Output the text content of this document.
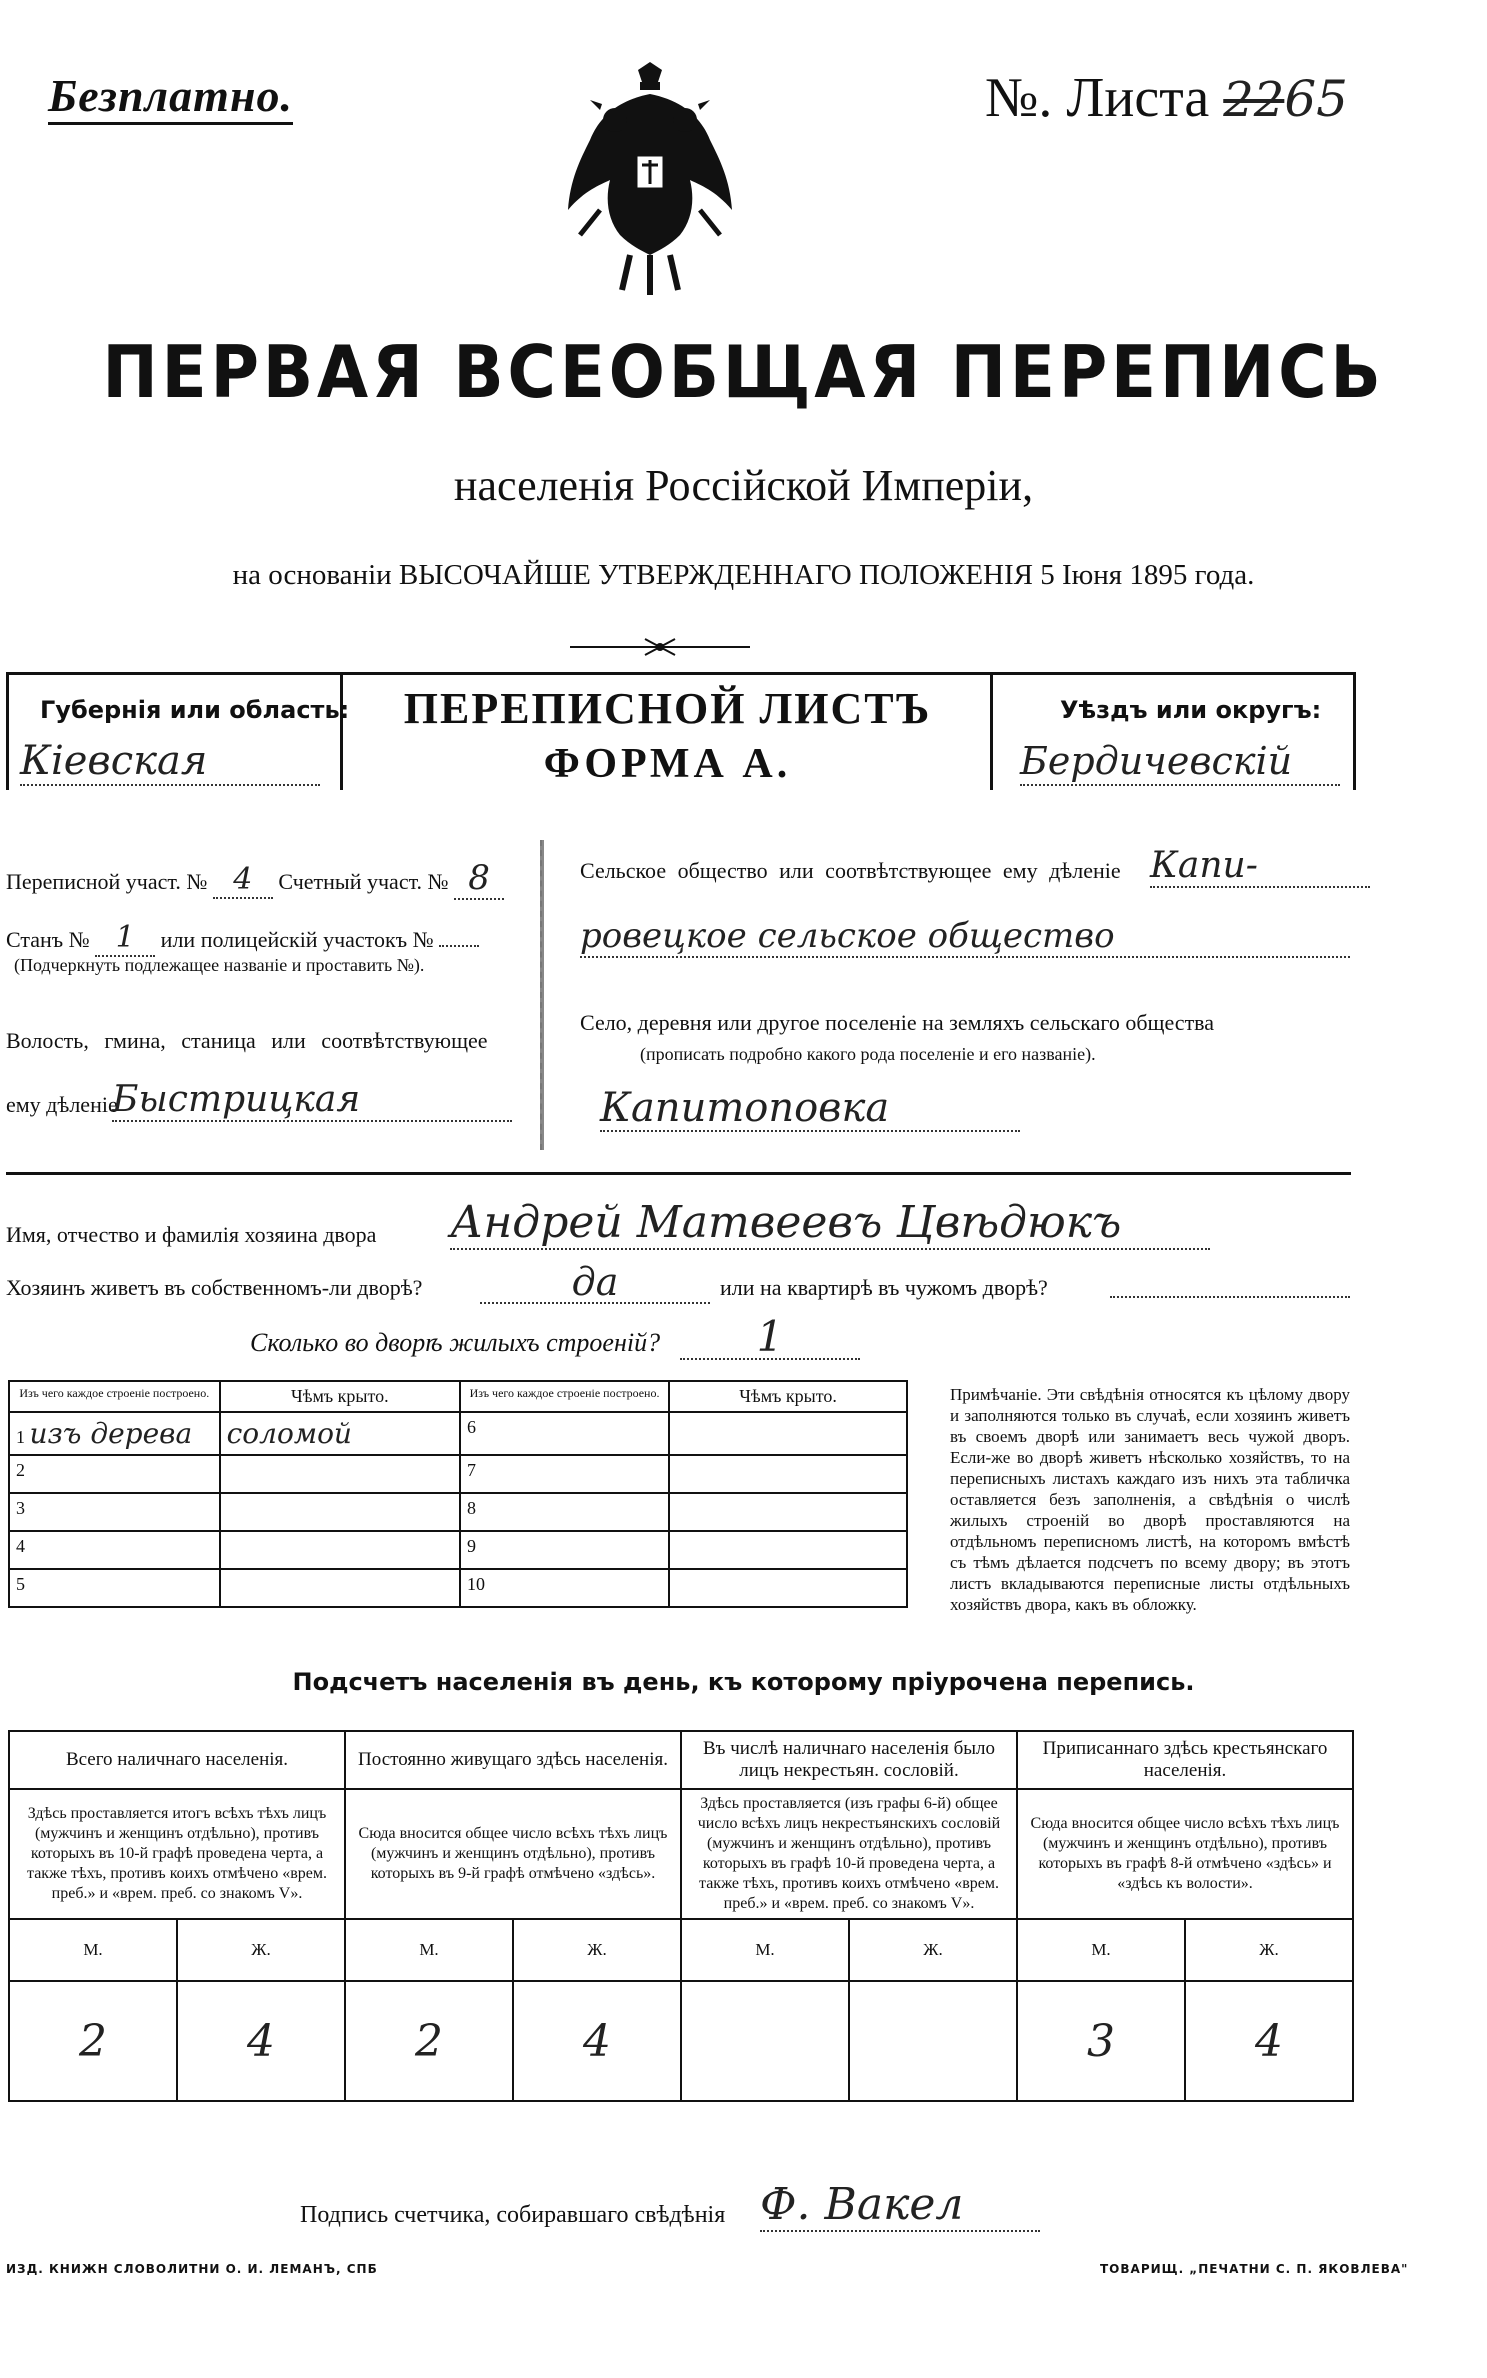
Безплатно.	№. Листа 2265
ПЕРВАЯ ВСЕОБЩАЯ ПЕРЕПИСЬ
населенія Россійской Имперіи,
на основаніи ВЫСОЧАЙШЕ УТВЕРЖДЕННАГО ПОЛОЖЕНІЯ 5 Іюня 1895 года.
Губернія или область:
Кіевская
ПЕРЕПИСНОЙ ЛИСТЪ
ФОРМА А.
Уѣздъ или округъ:
Бердичевскій
Переписной участ. № 4 Счетный участ. № 8
Станъ № 1 или полицейскій участокъ №
(Подчеркнуть подлежащее названіе и проставить №).
Волость, гмина, станица или соотвѣтствующее
ему дѣленіе
Быстрицкая
Сельское общество или соотвѣтствующее ему дѣленіе Капи-
ровецкое сельское общество
Село, деревня или другое поселеніе на земляхъ сельскаго общества
(прописать подробно какого рода поселеніе и его названіе).
Капитоповка
Имя, отчество и фамилія хозяина двора Андрей Матвеевъ Цвѣдюкъ
Хозяинъ живетъ въ собственномъ-ли дворѣ?	да	или на квартирѣ въ чужомъ дворѣ?
Сколько во дворѣ жилыхъ строеній?	1
Изъ чего каждое строеніе построено.	Чѣмъ крыто.	Изъ чего каждое строеніе построено.	Чѣмъ крыто.
1 изъ дерева	соломой	6	
2		7	
3		8	
4		9	
5		10	
Примѣчаніе. Эти свѣдѣнія относятся къ цѣлому двору и заполняются только въ случаѣ, если хозяинъ живетъ въ своемъ дворѣ или занимаетъ весь чужой дворъ. Если-же во дворѣ живетъ нѣсколько хозяйствъ, то на переписныхъ листахъ каждаго изъ нихъ эта табличка оставляется безъ заполненія, а свѣдѣнія о числѣ жилыхъ строеній во дворѣ проставляются на отдѣльномъ переписномъ листѣ, на которомъ вмѣстѣ съ тѣмъ дѣлается подсчетъ по всему двору; въ этотъ листъ вкладываются переписные листы отдѣльныхъ хозяйствъ двора, какъ въ обложку.
Подсчетъ населенія въ день, къ которому пріурочена перепись.
Всего наличнаго населенія.		Постоянно живущаго здѣсь населенія.		Въ числѣ наличнаго населенія было лицъ некрестьян. сословій.		Приписаннаго здѣсь крестьянскаго населенія.	
Здѣсь проставляется итогъ всѣхъ тѣхъ лицъ (мужчинъ и женщинъ отдѣльно), противъ которыхъ въ 10-й графѣ проведена черта, а также тѣхъ, противъ коихъ отмѣчено «врем. преб.» и «врем. преб. со знакомъ V».		Сюда вносится общее число всѣхъ тѣхъ лицъ (мужчинъ и женщинъ отдѣльно), противъ которыхъ въ 9-й графѣ отмѣчено «здѣсь».		Здѣсь проставляется (изъ графы 6-й) общее число всѣхъ лицъ некрестьянскихъ сословій (мужчинъ и женщинъ отдѣльно), противъ которыхъ въ графѣ 10-й проведена черта, а также тѣхъ, противъ коихъ отмѣчено «врем. преб.» и «врем. преб. со знакомъ V».		Сюда вносится общее число всѣхъ тѣхъ лицъ (мужчинъ и женщинъ отдѣльно), противъ которыхъ въ графѣ 8-й отмѣчено «здѣсь» и «здѣсь къ волости».	
М.	Ж.	М.	Ж.	М.	Ж.	М.	Ж.
2	4	2	4			3	4
Подпись счетчика, собиравшаго свѣдѣнія Ф. Вакел
ИЗД. КНИЖН СЛОВОЛИТНИ О. И. ЛЕМАНЪ, СПБ	ТОВАРИЩ. „ПЕЧАТНИ С. П. ЯКОВЛЕВА"
